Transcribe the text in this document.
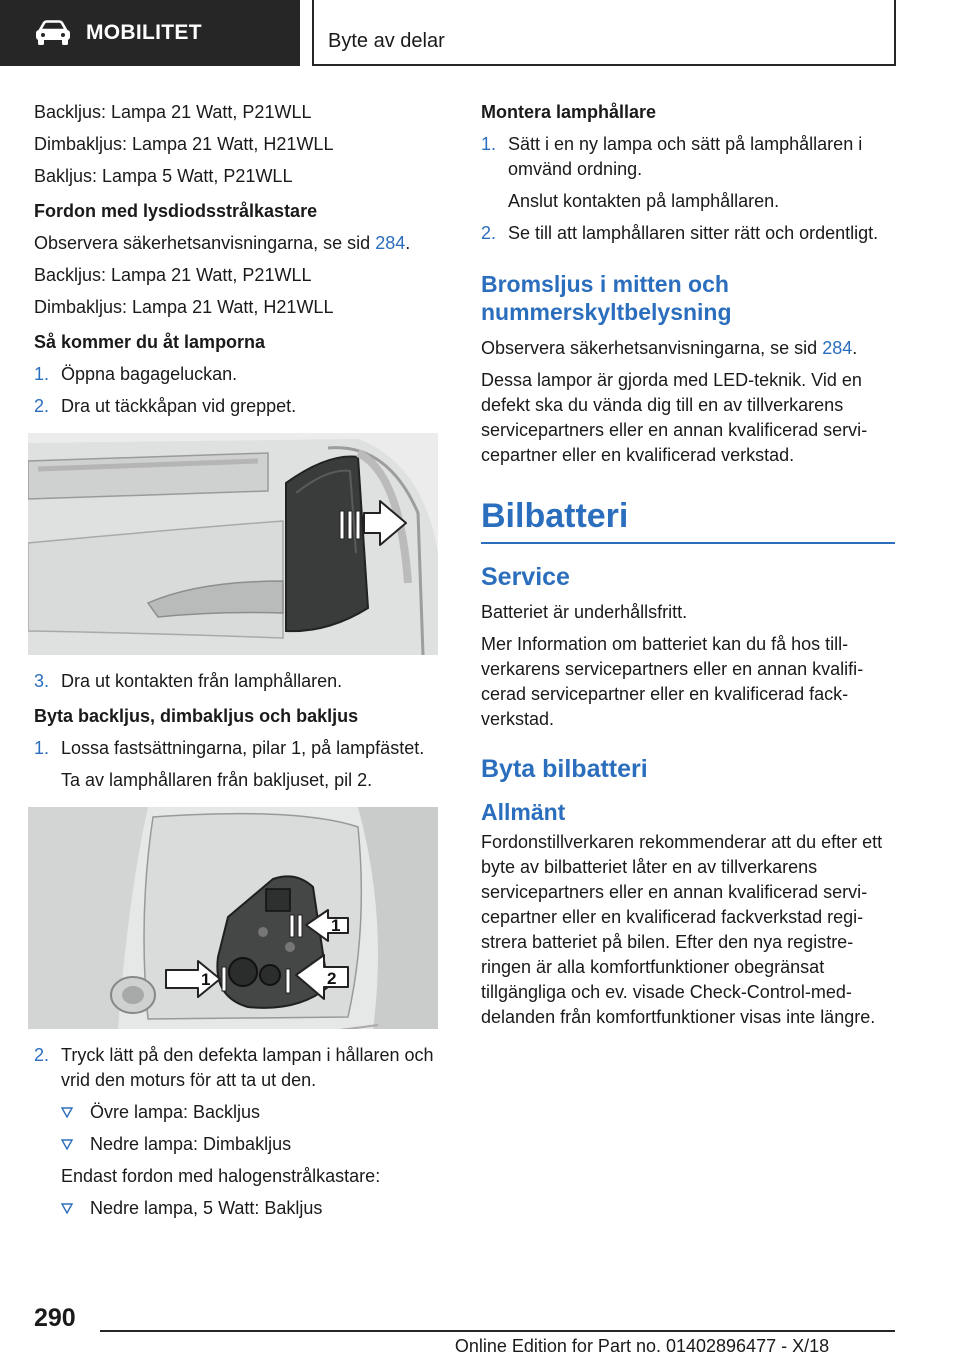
MOBILITET	Byte av delar

Backljus: Lampa 21 Watt, P21WLL

Dimbakljus: Lampa 21 Watt, H21WLL

Bakljus: Lampa 5 Watt, P21WLL

Fordon med lysdiodsstrålkastare

Observera säkerhetsanvisningarna, se sid 284.

Backljus: Lampa 21 Watt, P21WLL

Dimbakljus: Lampa 21 Watt, H21WLL

Så kommer du åt lamporna
1. Öppna bagageluckan.
2. Dra ut täckkåpan vid greppet.
3. Dra ut kontakten från lamphållaren.
Byta backljus, dimbakljus och bakljus
1. Lossa fastsättningarna, pilar 1, på lampfästet.
Ta av lamphållaren från bakljuset, pil 2.
1
1	2
2. Tryck lätt på den defekta lampan i hållaren och vrid den moturs för att ta ut den.
Övre lampa: Backljus
Nedre lampa: Dimbakljus
Endast fordon med halogenstrålkastare:
Nedre lampa, 5 Watt: Bakljus
Montera lamphållare
1. Sätt i en ny lampa och sätt på lamphållaren i omvänd ordning.
Anslut kontakten på lamphållaren.
2. Se till att lamphållaren sitter rätt och ordentligt.
Bromsljus i mitten och nummerskyltbelysning

Observera säkerhetsanvisningarna, se sid 284.

Dessa lampor är gjorda med LED-teknik. Vid en defekt ska du vända dig till en av tillverkarens servicepartners eller en annan kvalificerad servicepartner eller en kvalificerad verkstad.

Bilbatteri
Service

Batteriet är underhållsfritt.

Mer Information om batteriet kan du få hos tillverkarens servicepartners eller en annan kvalificerad servicepartner eller en kvalificerad fackverkstad.

Byta bilbatteri
Allmänt

Fordonstillverkaren rekommenderar att du efter ett byte av bilbatteriet låter en av tillverkarens servicepartners eller en annan kvalificerad servicepartner eller en kvalificerad fackverkstad registrera batteriet på bilen. Efter den nya registreringen är alla komfortfunktioner obegränsat tillgängliga och ev. visade Check-Control-meddelanden från komfortfunktioner visas inte längre.

290
Online Edition for Part no. 01402896477 - X/18
